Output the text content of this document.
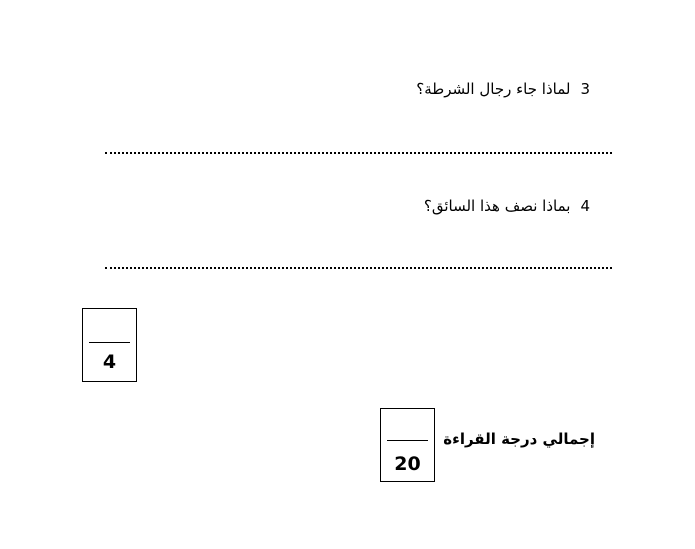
3لماذا جاء رجال الشرطة؟
4بماذا نصف هذا السائق؟
4
إجمالي درجة القراءة
20
